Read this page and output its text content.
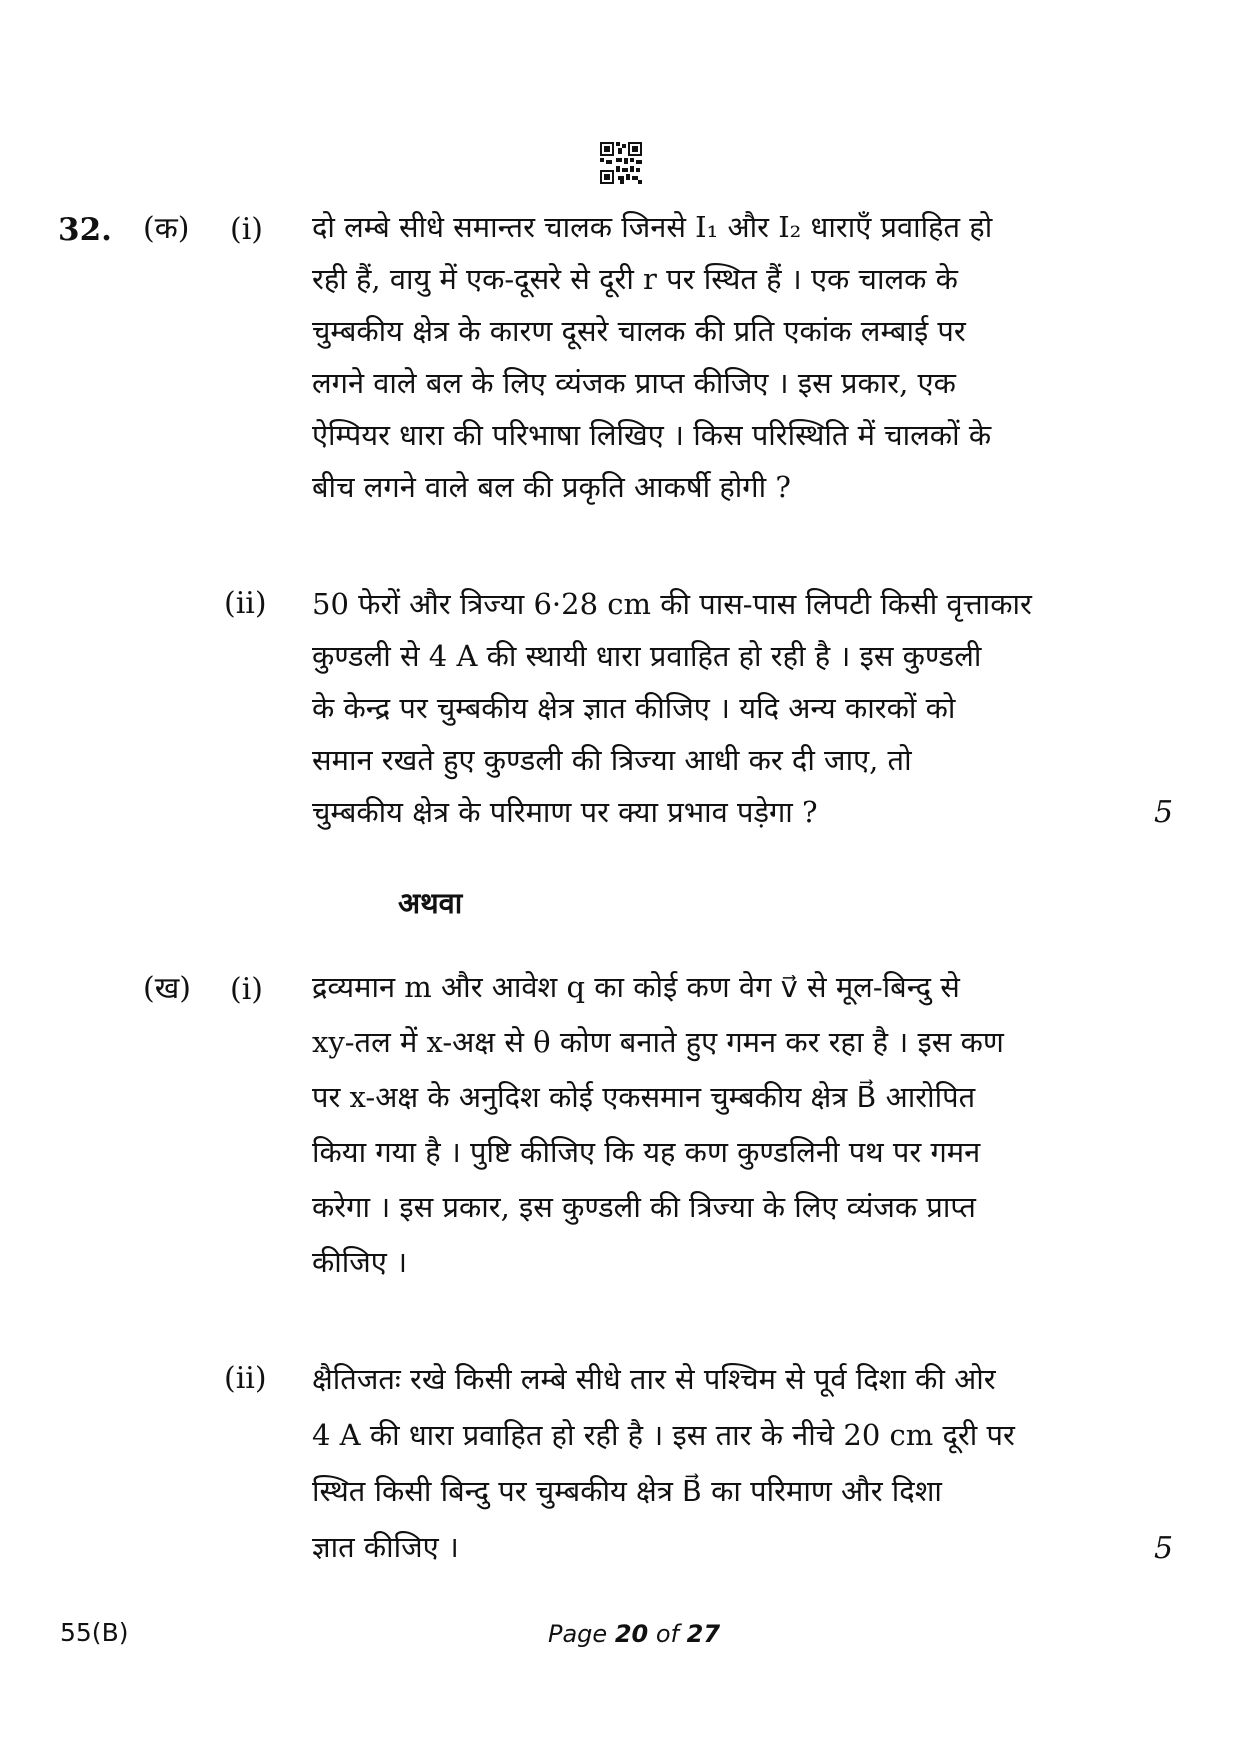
32. (क) (i) दो लम्बे सीधे समान्तर चालक जिनसे I₁ और I₂ धाराएँ प्रवाहित हो
रही हैं, वायु में एक-दूसरे से दूरी r पर स्थित हैं । एक चालक के
चुम्बकीय क्षेत्र के कारण दूसरे चालक की प्रति एकांक लम्बाई पर
लगने वाले बल के लिए व्यंजक प्राप्त कीजिए । इस प्रकार, एक
ऐम्पियर धारा की परिभाषा लिखिए । किस परिस्थिति में चालकों के
बीच लगने वाले बल की प्रकृति आकर्षी होगी ?
(ii) 50 फेरों और त्रिज्या 6·28 cm की पास-पास लिपटी किसी वृत्ताकार
कुण्डली से 4 A की स्थायी धारा प्रवाहित हो रही है । इस कुण्डली
के केन्द्र पर चुम्बकीय क्षेत्र ज्ञात कीजिए । यदि अन्य कारकों को
समान रखते हुए कुण्डली की त्रिज्या आधी कर दी जाए, तो
चुम्बकीय क्षेत्र के परिमाण पर क्या प्रभाव पड़ेगा ?	5
अथवा
(ख) (i) द्रव्यमान m और आवेश q का कोई कण वेग v⃗ से मूल-बिन्दु से
xy-तल में x-अक्ष से θ कोण बनाते हुए गमन कर रहा है । इस कण
पर x-अक्ष के अनुदिश कोई एकसमान चुम्बकीय क्षेत्र B⃗ आरोपित
किया गया है । पुष्टि कीजिए कि यह कण कुण्डलिनी पथ पर गमन
करेगा । इस प्रकार, इस कुण्डली की त्रिज्या के लिए व्यंजक प्राप्त
कीजिए ।
(ii) क्षैतिजतः रखे किसी लम्बे सीधे तार से पश्चिम से पूर्व दिशा की ओर
4 A की धारा प्रवाहित हो रही है । इस तार के नीचे 20 cm दूरी पर
स्थित किसी बिन्दु पर चुम्बकीय क्षेत्र B⃗ का परिमाण और दिशा
ज्ञात कीजिए ।	5
55(B)	Page 20 of 27
